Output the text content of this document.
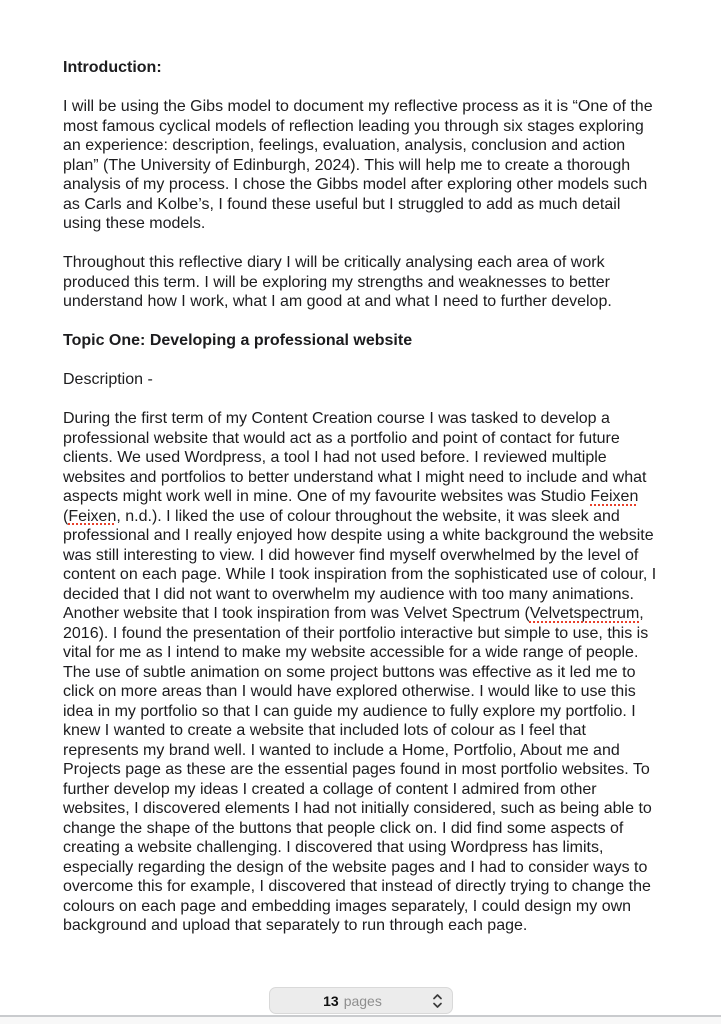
Introduction:

I will be using the Gibs model to document my reflective process as it is “One of the most famous cyclical models of reflection leading you through six stages exploring an experience: description, feelings, evaluation, analysis, conclusion and action plan” (The University of Edinburgh, 2024). This will help me to create a thorough analysis of my process. I chose the Gibbs model after exploring other models such as Carls and Kolbe’s, I found these useful but I struggled to add as much detail using these models.

Throughout this reflective diary I will be critically analysing each area of work produced this term. I will be exploring my strengths and weaknesses to better understand how I work, what I am good at and what I need to further develop.

Topic One: Developing a professional website

Description -

During the first term of my Content Creation course I was tasked to develop a professional website that would act as a portfolio and point of contact for future clients. We used Wordpress, a tool I had not used before. I reviewed multiple websites and portfolios to better understand what I might need to include and what aspects might work well in mine. One of my favourite websites was Studio Feixen (Feixen, n.d.). I liked the use of colour throughout the website, it was sleek and professional and I really enjoyed how despite using a white background the website was still interesting to view. I did however find myself overwhelmed by the level of content on each page. While I took inspiration from the sophisticated use of colour, I decided that I did not want to overwhelm my audience with too many animations. Another website that I took inspiration from was Velvet Spectrum (Velvetspectrum, 2016). I found the presentation of their portfolio interactive but simple to use, this is vital for me as I intend to make my website accessible for a wide range of people. The use of subtle animation on some project buttons was effective as it led me to click on more areas than I would have explored otherwise. I would like to use this idea in my portfolio so that I can guide my audience to fully explore my portfolio. I knew I wanted to create a website that included lots of colour as I feel that represents my brand well. I wanted to include a Home, Portfolio, About me and Projects page as these are the essential pages found in most portfolio websites. To further develop my ideas I created a collage of content I admired from other websites, I discovered elements I had not initially considered, such as being able to change the shape of the buttons that people click on. I did find some aspects of creating a website challenging. I discovered that using Wordpress has limits, especially regarding the design of the website pages and I had to consider ways to overcome this for example, I discovered that instead of directly trying to change the colours on each page and embedding images separately, I could design my own background and upload that separately to run through each page.

13 pages
